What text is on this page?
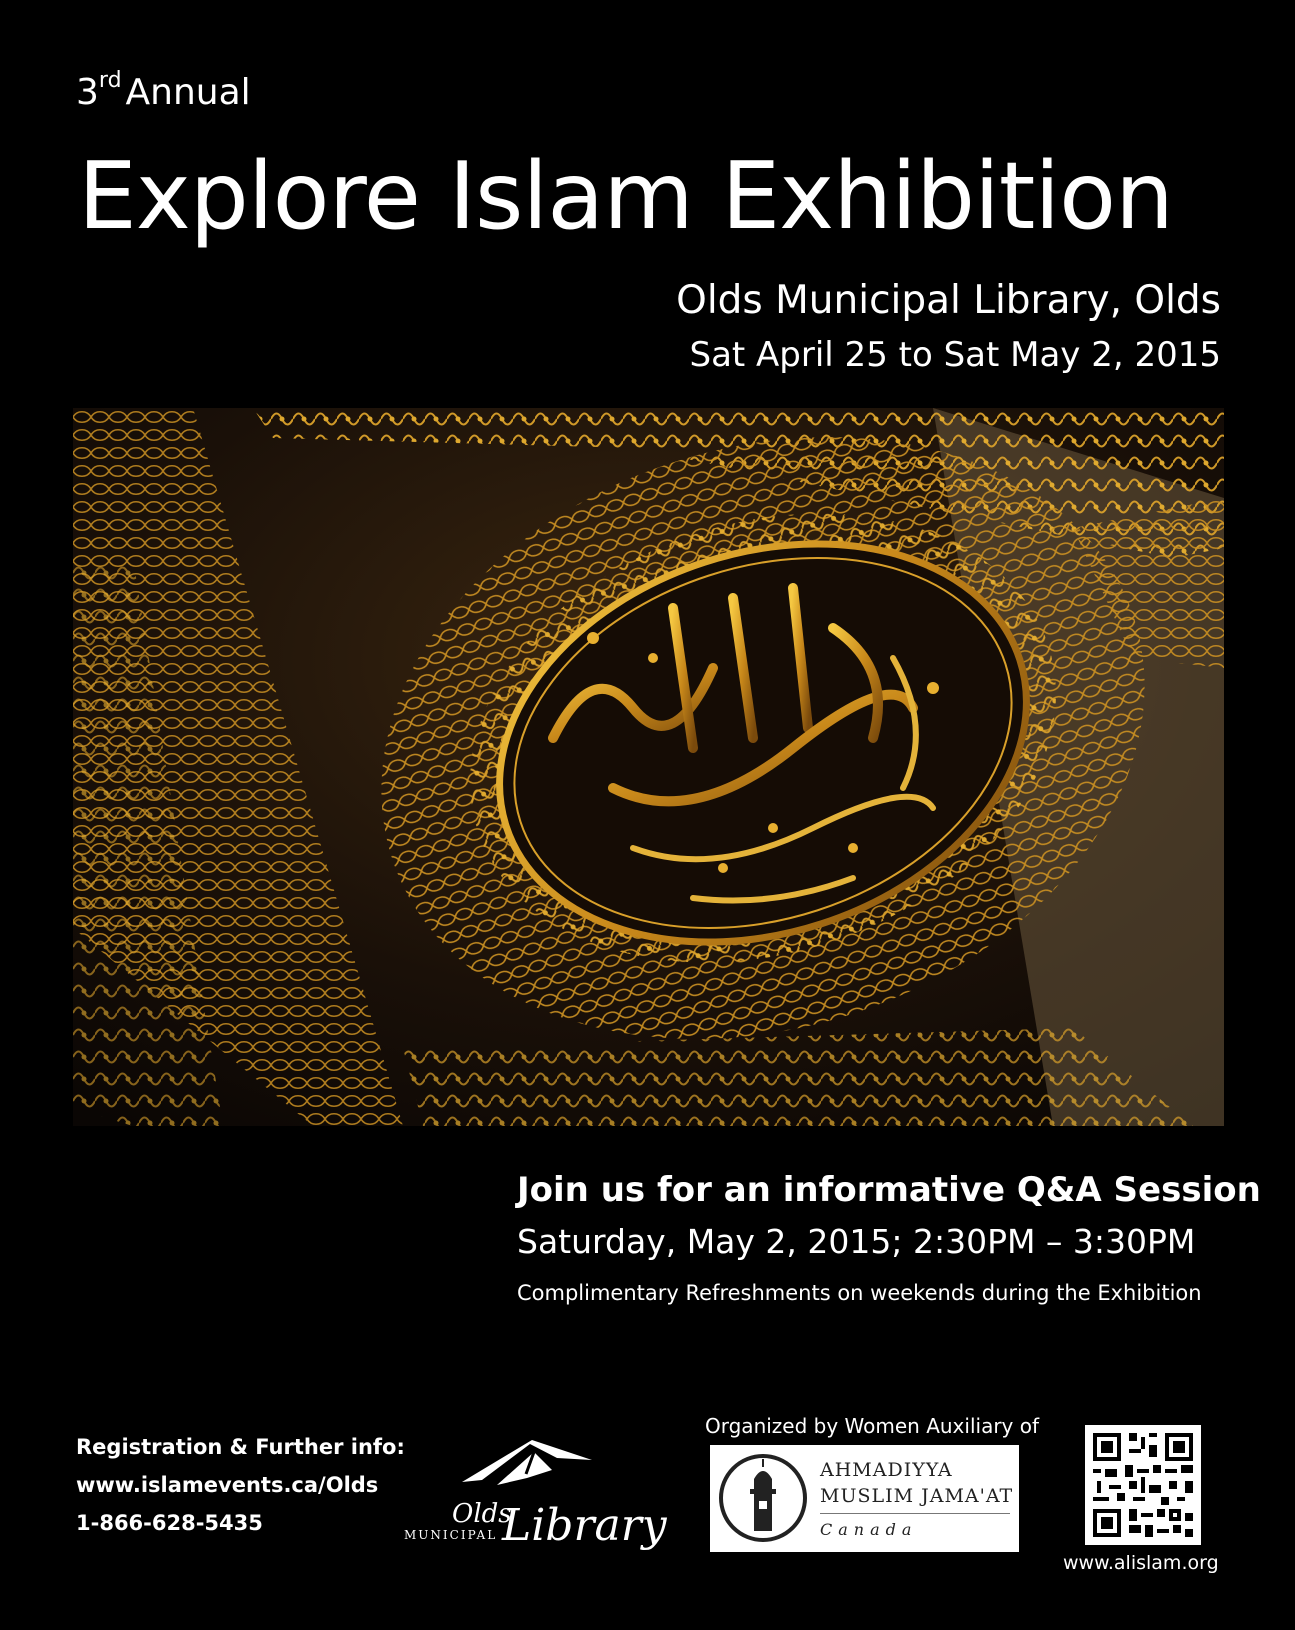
3rd Annual
Explore Islam Exhibition
Olds Municipal Library, Olds
Sat April 25 to Sat May 2, 2015
Join us for an informative Q&A Session
Saturday, May 2, 2015; 2:30PM – 3:30PM
Complimentary Refreshments on weekends during the Exhibition
Registration & Further info:
www.islamevents.ca/Olds
1-866-628-5435	Olds
MUNICIPAL Library
Organized by Women Auxiliary of
AHMADIYYA
MUSLIM JAMA'AT
Canada
www.alislam.org
